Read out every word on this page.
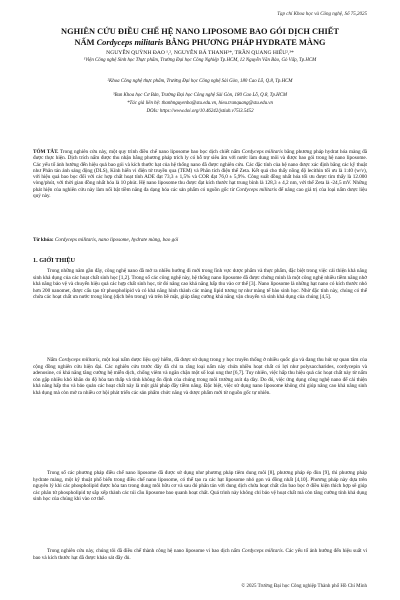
Tạp chí Khoa học và Công nghệ, Số 75,2025
NGHIÊN CỨU ĐIỀU CHẾ HỆ NANO LIPOSOME BAO GÓI DỊCH CHIẾT
NẤM Cordyceps militaris BẰNG PHƯƠNG PHÁP HYDRATE MÀNG
NGUYỄN QUỲNH ĐAO ¹,², NGUYỄN BÁ THANH²*, TRẦN QUANG HIẾU²,³*
¹Viện Công nghệ Sinh học Thực phẩm, Trường Đại học Công Nghiệp Tp.HCM, 12 Nguyễn Văn Bảo, Gò Vấp, Tp.HCM
²Khoa Công nghệ thực phẩm, Trường Đại học Công nghệ Sài Gòn, 180 Cao Lỗ, Q.8, Tp.HCM
³Ban Khoa học Cơ Bản, Trường Đại học Công nghệ Sài Gòn, 180 Cao Lỗ, Q.8, Tp.HCM
*Tác giả liên hệ: thanhnguyenba@stu.edu.vn, hieu.tranquang@stu.edu.vn
DOIs: https://www.doi.org/10.46242/jstiuh.v75i3.5452
TÓM TẮT. Trong nghiên cứu này, một quy trình điều chế nano liposome bao bọc dịch chiết nấm Cordyceps militaris bằng phương pháp hydrat hóa màng đã được thực hiện. Dịch trích nấm được thu nhận bằng phương pháp trích ly có hỗ trợ siêu âm với nước làm dung môi và được bao gói trong hệ nano liposome. Các yếu tố ảnh hưởng đến hiệu quả bao gói và kích thước hạt của hệ thống nano đã được nghiên cứu. Các đặc tính của hệ nano được xác định bằng các kỹ thuật như Phân tán ánh sáng động (DLS), Kính hiển vi điện tử truyền qua (TEM) và Phân tích điện thế Zeta. Kết quả cho thấy nồng độ lecithin tối ưu là 1:40 (w/v), với hiệu quả bao bọc đối với các hợp chất hoạt tính ADE đạt 73,3 ± 1,5% và COR đạt 76,0 ± 5,9%. Công suất đồng nhất hóa tối ưu được tìm thấy là 12.000 vòng/phút, với thời gian đồng nhất hóa là 10 phút. Hệ nano liposome thu được đạt kích thước hạt trung bình là 128,3 ± 4,2 nm, với thế Zeta là -24,5 mV. Những phát hiện của nghiên cứu này làm nổi bật tiềm năng đa dạng hóa các sản phẩm có nguồn gốc từ Cordyceps militaris để nâng cao giá trị của loại nấm dược liệu quý này.
Từ khóa: Cordyceps militaris, nano liposome, hydrate màng, bao gói
1. GIỚI THIỆU
Trong những năm gần đây, công nghệ nano đã mở ra nhiều hướng đi mới trong lĩnh vực dược phẩm và thực phẩm, đặc biệt trong việc cải thiện khả năng sinh khả dụng của các hoạt chất sinh học [1,2]. Trong số các công nghệ này, hệ thống nano liposome đã được chứng minh là một công nghệ nhiều tiềm năng nhờ khả năng bảo vệ và chuyển hiệu quả các hợp chất sinh học, từ đó nâng cao khả năng hấp thu vào cơ thể [3]. Nano liposome là những hạt nano có kích thước nhỏ hơn 200 nanomet, được cấu tạo từ phospholipid và có khả năng hình thành các màng lipid tương tự như màng tế bào sinh học. Nhờ đặc tính này, chúng có thể chứa các hoạt chất ưa nước trong lòng (dịch bên trong) và trên bề mặt, giúp tăng cường khả năng vận chuyển và sinh khả dụng của chúng [4,5].
Nấm Cordyceps militaris, một loại nấm dược liệu quý hiếm, đã được sử dụng trong y học truyền thống ở nhiều quốc gia và đang thu hút sự quan tâm của cộng đồng nghiên cứu hiện đại. Các nghiên cứu trước đây đã chỉ ra rằng loại nấm này chứa nhiều hoạt chất có lợi như polysaccharides, cordycepin và adenosine, có khả năng tăng cường hệ miễn dịch, chống viêm và ngăn chặn một số loại ung thư [6,7]. Tuy nhiên, việc hấp thu hiệu quả các hoạt chất này từ nấm còn gặp nhiều khó khăn do độ hòa tan thấp và tính không ổn định của chúng trong môi trường axit dạ dày. Do đó, việc ứng dụng công nghệ nano để cải thiện khả năng hấp thu và bảo quản các hoạt chất này là một giải pháp đầy tiềm năng. Đặc biệt, việc sử dụng nano liposome không chỉ giúp nâng cao khả năng sinh khả dụng mà còn mở ra nhiều cơ hội phát triển các sản phẩm chức năng và dược phẩm mới từ nguồn gốc tự nhiên.
Trong số các phương pháp điều chế nano liposome đã được sử dụng như phương pháp tiêm dung môi [8], phương pháp ép đùn [9], thì phương pháp hydrate màng, một kỹ thuật phổ biến trong điều chế nano liposome, có thể tạo ra các hạt liposome nhỏ gọn và đồng nhất [4,10]. Phương pháp này dựa trên nguyên lý khi các phospholipid được hòa tan trong dung môi hữu cơ và sau đó phân tán với dung dịch chứa hoạt chất cần bao bọc ở điều kiện thích hợp sẽ giúp các phân tử phospholipid tự sắp xếp thành các túi cầu liposome bao quanh hoạt chất. Quá trình này không chỉ bảo vệ hoạt chất mà còn tăng cường tính khả dụng sinh học của chúng khi vào cơ thể.
Trong nghiên cứu này, chúng tôi đã điều chế thành công hệ nano liposome vi bao dịch nấm Cordyceps militaris. Các yếu tố ảnh hưởng đến hiệu suất vi bao và kích thước hạt đã được khảo sát đầy đủ.
© 2025 Trường Đại học Công nghiệp Thành phố Hồ Chí Minh
